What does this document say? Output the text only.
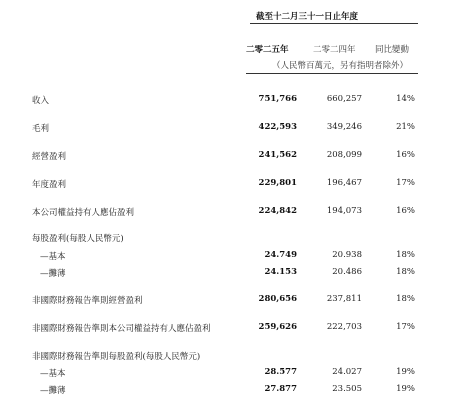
截至十二月三十一日止年度
二零二五年	二零二四年 同比變動
（人民幣百萬元，另有指明者除外）
收入	751,766	660,257	14%
毛利	422,593	349,246	21%
經營盈利	241,562	208,099	16%
年度盈利	229,801	196,467	17%
本公司權益持有人應佔盈利	224,842	194,073	16%
每股盈利(每股人民幣元)
—基本	24.749	20.938	18%
—攤薄	24.153	20.486	18%
非國際財務報告準則經營盈利	280,656	237,811	18%
非國際財務報告準則本公司權益持有人應佔盈利	259,626	222,703	17%
非國際財務報告準則每股盈利(每股人民幣元)
—基本	28.577	24.027	19%
—攤薄	27.877	23.505	19%
